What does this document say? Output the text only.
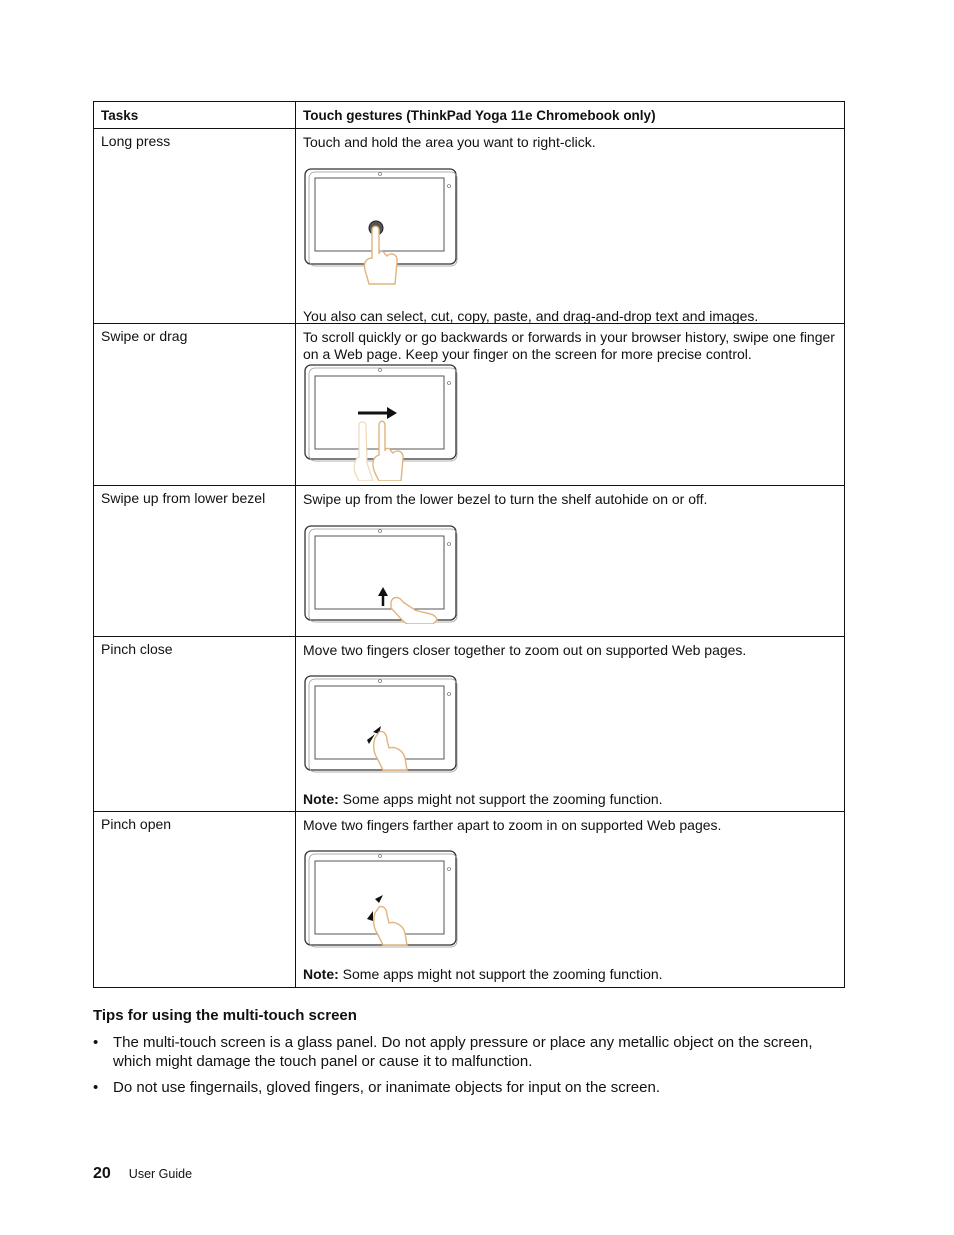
Tasks	Touch gestures (ThinkPad Yoga 11e Chromebook only)

Long press	Touch and hold the area you want to right-click.
You also can select, cut, copy, paste, and drag-and-drop text and images.

Swipe or drag	To scroll quickly or go backwards or forwards in your browser history, swipe one finger on a Web page. Keep your finger on the screen for more precise control.

Swipe up from lower bezel	Swipe up from the lower bezel to turn the shelf autohide on or off.

Pinch close	Move two fingers closer together to zoom out on supported Web pages.
Note: Some apps might not support the zooming function.

Pinch open	Move two fingers farther apart to zoom in on supported Web pages.
Note: Some apps might not support the zooming function.
Tips for using the multi-touch screen
• The multi-touch screen is a glass panel. Do not apply pressure or place any metallic object on the screen, which might damage the touch panel or cause it to malfunction.
• Do not use fingernails, gloved fingers, or inanimate objects for input on the screen.
20 User Guide
